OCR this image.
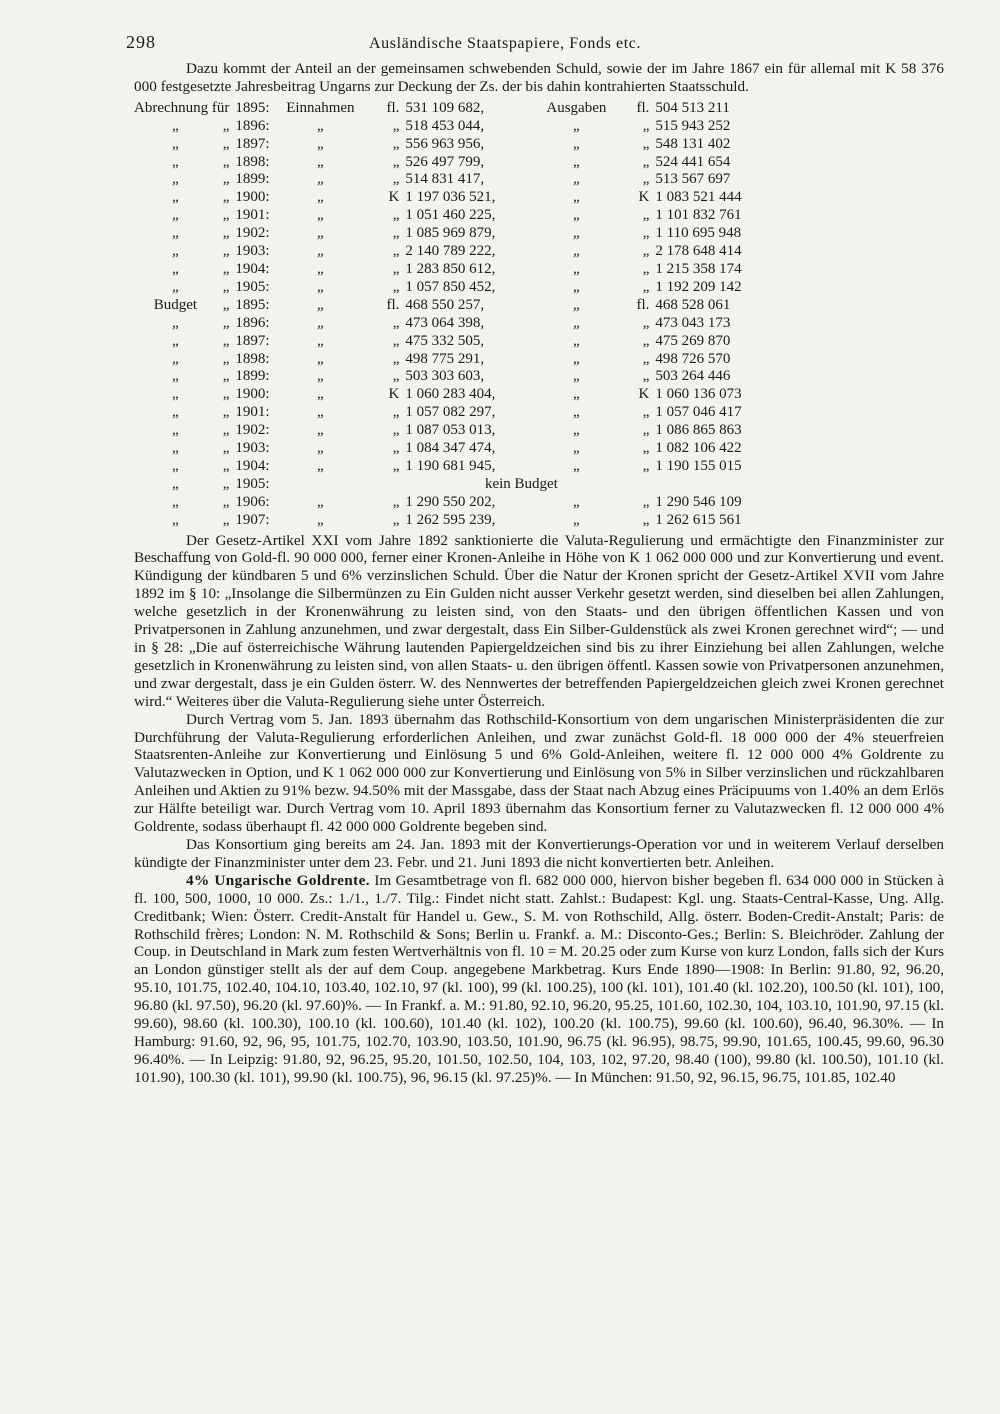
298	Ausländische Staatspapiere, Fonds etc.

Dazu kommt der Anteil an der gemeinsamen schwebenden Schuld, sowie der im Jahre 1867 ein für allemal mit K 58 376 000 festgesetzte Jahresbeitrag Ungarns zur Deckung der Zs. der bis dahin kontrahierten Staatsschuld.

Abrechnung für		1895:	Einnahmen	fl.	531 109 682,	Ausgaben	fl.	504 513 211
„	„	1896:	„	„	518 453 044,	„	„	515 943 252
„	„	1897:	„	„	556 963 956,	„	„	548 131 402
„	„	1898:	„	„	526 497 799,	„	„	524 441 654
„	„	1899:	„	„	514 831 417,	„	„	513 567 697
„	„	1900:	„	K	1 197 036 521,	„	K	1 083 521 444
„	„	1901:	„	„	1 051 460 225,	„	„	1 101 832 761
„	„	1902:	„	„	1 085 969 879,	„	„	1 110 695 948
„	„	1903:	„	„	2 140 789 222,	„	„	2 178 648 414
„	„	1904:	„	„	1 283 850 612,	„	„	1 215 358 174
„	„	1905:	„	„	1 057 850 452,	„	„	1 192 209 142
Budget	„	1895:	„	fl.	468 550 257,	„	fl.	468 528 061
„	„	1896:	„	„	473 064 398,	„	„	473 043 173
„	„	1897:	„	„	475 332 505,	„	„	475 269 870
„	„	1898:	„	„	498 775 291,	„	„	498 726 570
„	„	1899:	„	„	503 303 603,	„	„	503 264 446
„	„	1900:	„	K	1 060 283 404,	„	K	1 060 136 073
„	„	1901:	„	„	1 057 082 297,	„	„	1 057 046 417
„	„	1902:	„	„	1 087 053 013,	„	„	1 086 865 863
„	„	1903:	„	„	1 084 347 474,	„	„	1 082 106 422
„	„	1904:	„	„	1 190 681 945,	„	„	1 190 155 015
„	„	1905:	kein Budget					
„	„	1906:	„	„	1 290 550 202,	„	„	1 290 546 109
„	„	1907:	„	„	1 262 595 239,	„	„	1 262 615 561

Der Gesetz-Artikel XXI vom Jahre 1892 sanktionierte die Valuta-Regulierung und ermächtigte den Finanzminister zur Beschaffung von Gold-fl. 90 000 000, ferner einer Kronen-Anleihe in Höhe von K 1 062 000 000 und zur Konvertierung und event. Kündigung der kündbaren 5 und 6% verzinslichen Schuld. Über die Natur der Kronen spricht der Gesetz-Artikel XVII vom Jahre 1892 im § 10: „Insolange die Silbermünzen zu Ein Gulden nicht ausser Verkehr gesetzt werden, sind dieselben bei allen Zahlungen, welche gesetzlich in der Kronenwährung zu leisten sind, von den Staats- und den übrigen öffentlichen Kassen und von Privatpersonen in Zahlung anzunehmen, und zwar dergestalt, dass Ein Silber-Guldenstück als zwei Kronen gerechnet wird“; — und in § 28: „Die auf österreichische Währung lautenden Papiergeldzeichen sind bis zu ihrer Einziehung bei allen Zahlungen, welche gesetzlich in Kronenwährung zu leisten sind, von allen Staats- u. den übrigen öffentl. Kassen sowie von Privatpersonen anzunehmen, und zwar dergestalt, dass je ein Gulden österr. W. des Nennwertes der betreffenden Papiergeldzeichen gleich zwei Kronen gerechnet wird.“ Weiteres über die Valuta-Regulierung siehe unter Österreich.

Durch Vertrag vom 5. Jan. 1893 übernahm das Rothschild-Konsortium von dem ungarischen Ministerpräsidenten die zur Durchführung der Valuta-Regulierung erforderlichen Anleihen, und zwar zunächst Gold-fl. 18 000 000 der 4% steuerfreien Staatsrenten-Anleihe zur Konvertierung und Einlösung 5 und 6% Gold-Anleihen, weitere fl. 12 000 000 4% Goldrente zu Valutazwecken in Option, und K 1 062 000 000 zur Konvertierung und Einlösung von 5% in Silber verzinslichen und rückzahlbaren Anleihen und Aktien zu 91% bezw. 94.50% mit der Massgabe, dass der Staat nach Abzug eines Präcipuums von 1.40% an dem Erlös zur Hälfte beteiligt war. Durch Vertrag vom 10. April 1893 übernahm das Konsortium ferner zu Valutazwecken fl. 12 000 000 4% Goldrente, sodass überhaupt fl. 42 000 000 Goldrente begeben sind.

Das Konsortium ging bereits am 24. Jan. 1893 mit der Konvertierungs-Operation vor und in weiterem Verlauf derselben kündigte der Finanzminister unter dem 23. Febr. und 21. Juni 1893 die nicht konvertierten betr. Anleihen.

4% Ungarische Goldrente. Im Gesamtbetrage von fl. 682 000 000, hiervon bisher begeben fl. 634 000 000 in Stücken à fl. 100, 500, 1000, 10 000. Zs.: 1./1., 1./7. Tilg.: Findet nicht statt. Zahlst.: Budapest: Kgl. ung. Staats-Central-Kasse, Ung. Allg. Creditbank; Wien: Österr. Credit-Anstalt für Handel u. Gew., S. M. von Rothschild, Allg. österr. Boden-Credit-Anstalt; Paris: de Rothschild frères; London: N. M. Rothschild & Sons; Berlin u. Frankf. a. M.: Disconto-Ges.; Berlin: S. Bleichröder. Zahlung der Coup. in Deutschland in Mark zum festen Wertverhältnis von fl. 10 = M. 20.25 oder zum Kurse von kurz London, falls sich der Kurs an London günstiger stellt als der auf dem Coup. angegebene Markbetrag. Kurs Ende 1890—1908: In Berlin: 91.80, 92, 96.20, 95.10, 101.75, 102.40, 104.10, 103.40, 102.10, 97 (kl. 100), 99 (kl. 100.25), 100 (kl. 101), 101.40 (kl. 102.20), 100.50 (kl. 101), 100, 96.80 (kl. 97.50), 96.20 (kl. 97.60)%. — In Frankf. a. M.: 91.80, 92.10, 96.20, 95.25, 101.60, 102.30, 104, 103.10, 101.90, 97.15 (kl. 99.60), 98.60 (kl. 100.30), 100.10 (kl. 100.60), 101.40 (kl. 102), 100.20 (kl. 100.75), 99.60 (kl. 100.60), 96.40, 96.30%. — In Hamburg: 91.60, 92, 96, 95, 101.75, 102.70, 103.90, 103.50, 101.90, 96.75 (kl. 96.95), 98.75, 99.90, 101.65, 100.45, 99.60, 96.30 96.40%. — In Leipzig: 91.80, 92, 96.25, 95.20, 101.50, 102.50, 104, 103, 102, 97.20, 98.40 (100), 99.80 (kl. 100.50), 101.10 (kl. 101.90), 100.30 (kl. 101), 99.90 (kl. 100.75), 96, 96.15 (kl. 97.25)%. — In München: 91.50, 92, 96.15, 96.75, 101.85, 102.40
